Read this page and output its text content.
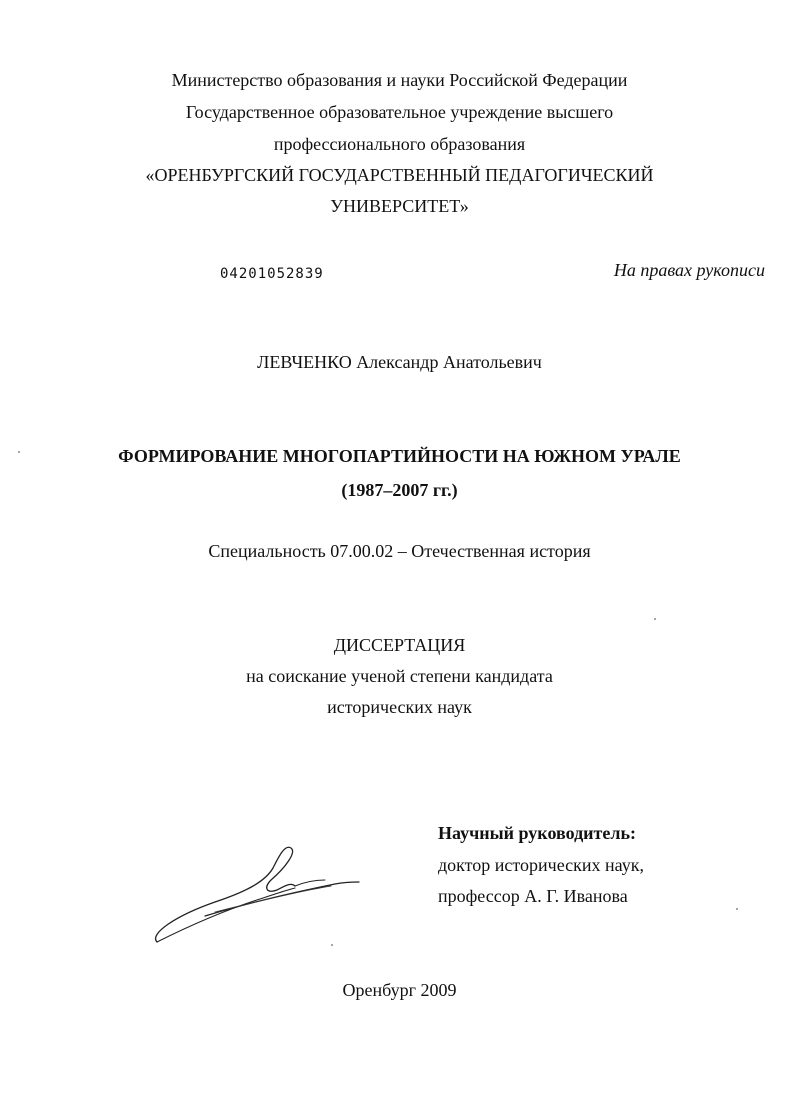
Министерство образования и науки Российской Федерации
Государственное образовательное учреждение высшего
профессионального образования
«ОРЕНБУРГСКИЙ ГОСУДАРСТВЕННЫЙ ПЕДАГОГИЧЕСКИЙ
УНИВЕРСИТЕТ»
04201052839	На правах рукописи
ЛЕВЧЕНКО Александр Анатольевич
ФОРМИРОВАНИЕ МНОГОПАРТИЙНОСТИ НА ЮЖНОМ УРАЛЕ
(1987–2007 гг.)
Специальность 07.00.02 – Отечественная история
ДИССЕРТАЦИЯ
на соискание ученой степени кандидата
исторических наук
Научный руководитель:
доктор исторических наук,
профессор А. Г. Иванова
Оренбург 2009
